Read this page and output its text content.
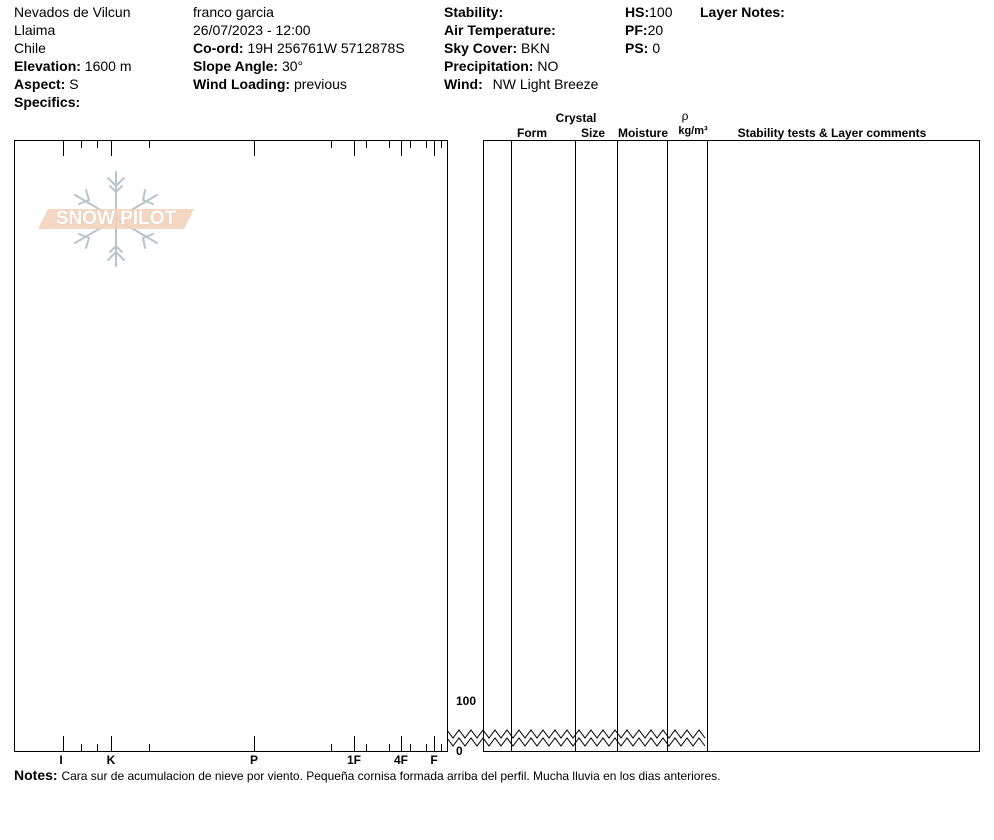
Nevados de Vilcun
Llaima
Chile
Elevation: 1600 m
Aspect: S
Specifics:
franco garcia
26/07/2023 - 12:00
Co-ord: 19H 256761W 5712878S
Slope Angle: 30°
Wind Loading: previous
Stability:
Air Temperature:
Sky Cover: BKN
Precipitation: NO
Wind: NW Light Breeze
HS:100
PF:20
PS: 0
Layer Notes:
Crystal
Form	Size	Moisture
ρ
kg/m³	Stability tests & Layer comments
I	K	P	1F	4F	F
SNOW PILOT
100
0
Notes: Cara sur de acumulacion de nieve por viento. Pequeña cornisa formada arriba del perfil. Mucha lluvia en los dias anteriores.
